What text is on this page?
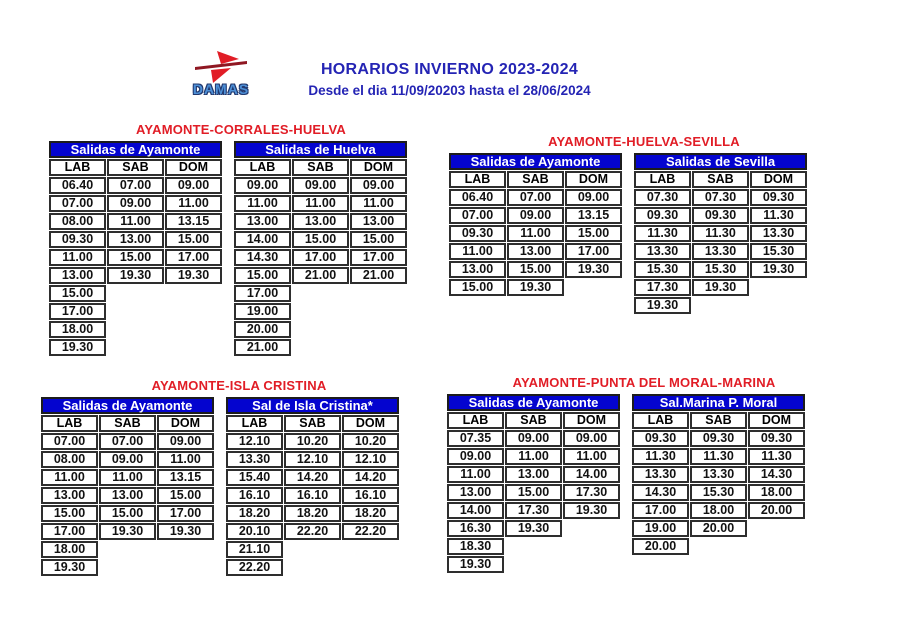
DAMAS
HORARIOS INVIERNO 2023-2024
Desde el dia 11/09/20203 hasta el 28/06/2024
AYAMONTE-CORRALES-HUELVA
Salidas de Ayamonte		
LAB	SAB	DOM
06.40	07.00	09.00
07.00	09.00	11.00
08.00	11.00	13.15
09.30	13.00	15.00
11.00	15.00	17.00
13.00	19.30	19.30
15.00		
17.00		
18.00		
19.30		
Salidas de Huelva		
LAB	SAB	DOM
09.00	09.00	09.00
11.00	11.00	11.00
13.00	13.00	13.00
14.00	15.00	15.00
14.30	17.00	17.00
15.00	21.00	21.00
17.00		
19.00		
20.00		
21.00		
AYAMONTE-HUELVA-SEVILLA
Salidas de Ayamonte		
LAB	SAB	DOM
06.40	07.00	09.00
07.00	09.00	13.15
09.30	11.00	15.00
11.00	13.00	17.00
13.00	15.00	19.30
15.00	19.30	
Salidas de Sevilla		
LAB	SAB	DOM
07.30	07.30	09.30
09.30	09.30	11.30
11.30	11.30	13.30
13.30	13.30	15.30
15.30	15.30	19.30
17.30	19.30	
19.30		
AYAMONTE-ISLA CRISTINA
Salidas de Ayamonte		
LAB	SAB	DOM
07.00	07.00	09.00
08.00	09.00	11.00
11.00	11.00	13.15
13.00	13.00	15.00
15.00	15.00	17.00
17.00	19.30	19.30
18.00		
19.30		
Sal de Isla Cristina*		
LAB	SAB	DOM
12.10	10.20	10.20
13.30	12.10	12.10
15.40	14.20	14.20
16.10	16.10	16.10
18.20	18.20	18.20
20.10	22.20	22.20
21.10		
22.20		
AYAMONTE-PUNTA DEL MORAL-MARINA
Salidas de Ayamonte		
LAB	SAB	DOM
07.35	09.00	09.00
09.00	11.00	11.00
11.00	13.00	14.00
13.00	15.00	17.30
14.00	17.30	19.30
16.30	19.30	
18.30		
19.30		
Sal.Marina P. Moral		
LAB	SAB	DOM
09.30	09.30	09.30
11.30	11.30	11.30
13.30	13.30	14.30
14.30	15.30	18.00
17.00	18.00	20.00
19.00	20.00	
20.00		
